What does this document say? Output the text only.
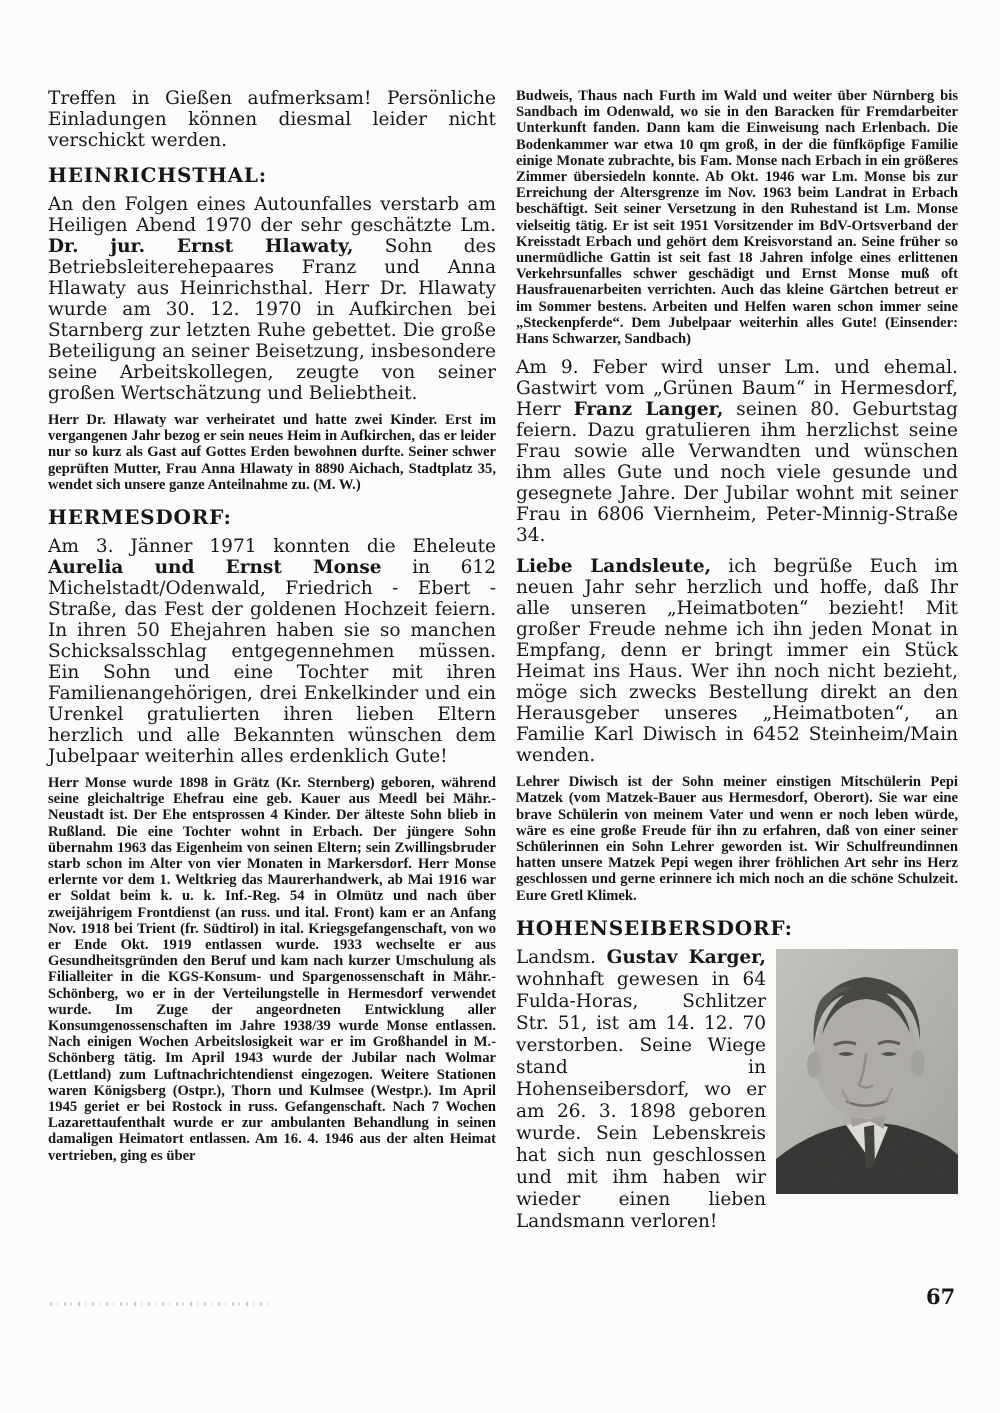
Treffen in Gießen aufmerksam! Persönliche Einladungen können diesmal leider nicht verschickt werden.

HEINRICHSTHAL:

An den Folgen eines Autounfalles verstarb am Heiligen Abend 1970 der sehr geschätzte Lm. Dr. jur. Ernst Hlawaty, Sohn des Betriebsleiterehepaares Franz und Anna Hlawaty aus Heinrichsthal. Herr Dr. Hlawaty wurde am 30. 12. 1970 in Aufkirchen bei Starnberg zur letzten Ruhe gebettet. Die große Beteiligung an seiner Beisetzung, insbesondere seine Arbeitskollegen, zeugte von seiner großen Wertschätzung und Beliebtheit.

Herr Dr. Hlawaty war verheiratet und hatte zwei Kinder. Erst im vergangenen Jahr bezog er sein neues Heim in Aufkirchen, das er leider nur so kurz als Gast auf Gottes Erden bewohnen durfte. Seiner schwer geprüften Mutter, Frau Anna Hlawaty in 8890 Aichach, Stadtplatz 35, wendet sich unsere ganze Anteilnahme zu. (M. W.)

HERMESDORF:

Am 3. Jänner 1971 konnten die Eheleute Aurelia und Ernst Monse in 612 Michelstadt/Odenwald, Friedrich - Ebert - Straße, das Fest der goldenen Hochzeit feiern. In ihren 50 Ehejahren haben sie so manchen Schicksalsschlag entgegennehmen müssen. Ein Sohn und eine Tochter mit ihren Familienangehörigen, drei Enkelkinder und ein Urenkel gratulierten ihren lieben Eltern herzlich und alle Bekannten wünschen dem Jubelpaar weiterhin alles erdenklich Gute!

Herr Monse wurde 1898 in Grätz (Kr. Sternberg) geboren, während seine gleichaltrige Ehefrau eine geb. Kauer aus Meedl bei Mähr.-Neustadt ist. Der Ehe entsprossen 4 Kinder. Der älteste Sohn blieb in Rußland. Die eine Tochter wohnt in Erbach. Der jüngere Sohn übernahm 1963 das Eigenheim von seinen Eltern; sein Zwillingsbruder starb schon im Alter von vier Monaten in Markersdorf. Herr Monse erlernte vor dem 1. Weltkrieg das Maurerhandwerk, ab Mai 1916 war er Soldat beim k. u. k. Inf.-Reg. 54 in Olmütz und nach über zweijährigem Frontdienst (an russ. und ital. Front) kam er an Anfang Nov. 1918 bei Trient (fr. Südtirol) in ital. Kriegsgefangenschaft, von wo er Ende Okt. 1919 entlassen wurde. 1933 wechselte er aus Gesundheitsgründen den Beruf und kam nach kurzer Umschulung als Filialleiter in die KGS-Konsum- und Spargenossenschaft in Mähr.-Schönberg, wo er in der Verteilungstelle in Hermesdorf verwendet wurde. Im Zuge der angeordneten Entwicklung aller Konsumgenossenschaften im Jahre 1938/39 wurde Monse entlassen. Nach einigen Wochen Arbeitslosigkeit war er im Großhandel in M.-Schönberg tätig. Im April 1943 wurde der Jubilar nach Wolmar (Lettland) zum Luftnachrichtendienst eingezogen. Weitere Stationen waren Königsberg (Ostpr.), Thorn und Kulmsee (Westpr.). Im April 1945 geriet er bei Rostock in russ. Gefangenschaft. Nach 7 Wochen Lazarettaufenthalt wurde er zur ambulanten Behandlung in seinen damaligen Heimatort entlassen. Am 16. 4. 1946 aus der alten Heimat vertrieben, ging es über

Budweis, Thaus nach Furth im Wald und weiter über Nürnberg bis Sandbach im Odenwald, wo sie in den Baracken für Fremdarbeiter Unterkunft fanden. Dann kam die Einweisung nach Erlenbach. Die Bodenkammer war etwa 10 qm groß, in der die fünfköpfige Familie einige Monate zubrachte, bis Fam. Monse nach Erbach in ein größeres Zimmer übersiedeln konnte. Ab Okt. 1946 war Lm. Monse bis zur Erreichung der Altersgrenze im Nov. 1963 beim Landrat in Erbach beschäftigt. Seit seiner Versetzung in den Ruhestand ist Lm. Monse vielseitig tätig. Er ist seit 1951 Vorsitzender im BdV-Ortsverband der Kreisstadt Erbach und gehört dem Kreisvorstand an. Seine früher so unermüdliche Gattin ist seit fast 18 Jahren infolge eines erlittenen Verkehrsunfalles schwer geschädigt und Ernst Monse muß oft Hausfrauenarbeiten verrichten. Auch das kleine Gärtchen betreut er im Sommer bestens. Arbeiten und Helfen waren schon immer seine „Steckenpferde“. Dem Jubelpaar weiterhin alles Gute! (Einsender: Hans Schwarzer, Sandbach)

Am 9. Feber wird unser Lm. und ehemal. Gastwirt vom „Grünen Baum“ in Hermesdorf, Herr Franz Langer, seinen 80. Geburtstag feiern. Dazu gratulieren ihm herzlichst seine Frau sowie alle Verwandten und wünschen ihm alles Gute und noch viele gesunde und gesegnete Jahre. Der Jubilar wohnt mit seiner Frau in 6806 Viernheim, Peter-Minnig-Straße 34.

Liebe Landsleute, ich begrüße Euch im neuen Jahr sehr herzlich und hoffe, daß Ihr alle unseren „Heimatboten“ bezieht! Mit großer Freude nehme ich ihn jeden Monat in Empfang, denn er bringt immer ein Stück Heimat ins Haus. Wer ihn noch nicht bezieht, möge sich zwecks Bestellung direkt an den Herausgeber unseres „Heimatboten“, an Familie Karl Diwisch in 6452 Steinheim/Main wenden.

Lehrer Diwisch ist der Sohn meiner einstigen Mitschülerin Pepi Matzek (vom Matzek-Bauer aus Hermesdorf, Oberort). Sie war eine brave Schülerin von meinem Vater und wenn er noch leben würde, wäre es eine große Freude für ihn zu erfahren, daß von einer seiner Schülerinnen ein Sohn Lehrer geworden ist. Wir Schulfreundinnen hatten unsere Matzek Pepi wegen ihrer fröhlichen Art sehr ins Herz geschlossen und gerne erinnere ich mich noch an die schöne Schulzeit. Eure Gretl Klimek.

HOHENSEIBERSDORF:

Landsm. Gustav Karger, wohnhaft gewesen in 64 Fulda-Horas, Schlitzer Str. 51, ist am 14. 12. 70 verstorben. Seine Wiege stand in Hohenseibersdorf, wo er am 26. 3. 1898 geboren wurde. Sein Lebenskreis hat sich nun geschlossen und mit ihm haben wir wieder einen lieben Landsmann verloren!

67
